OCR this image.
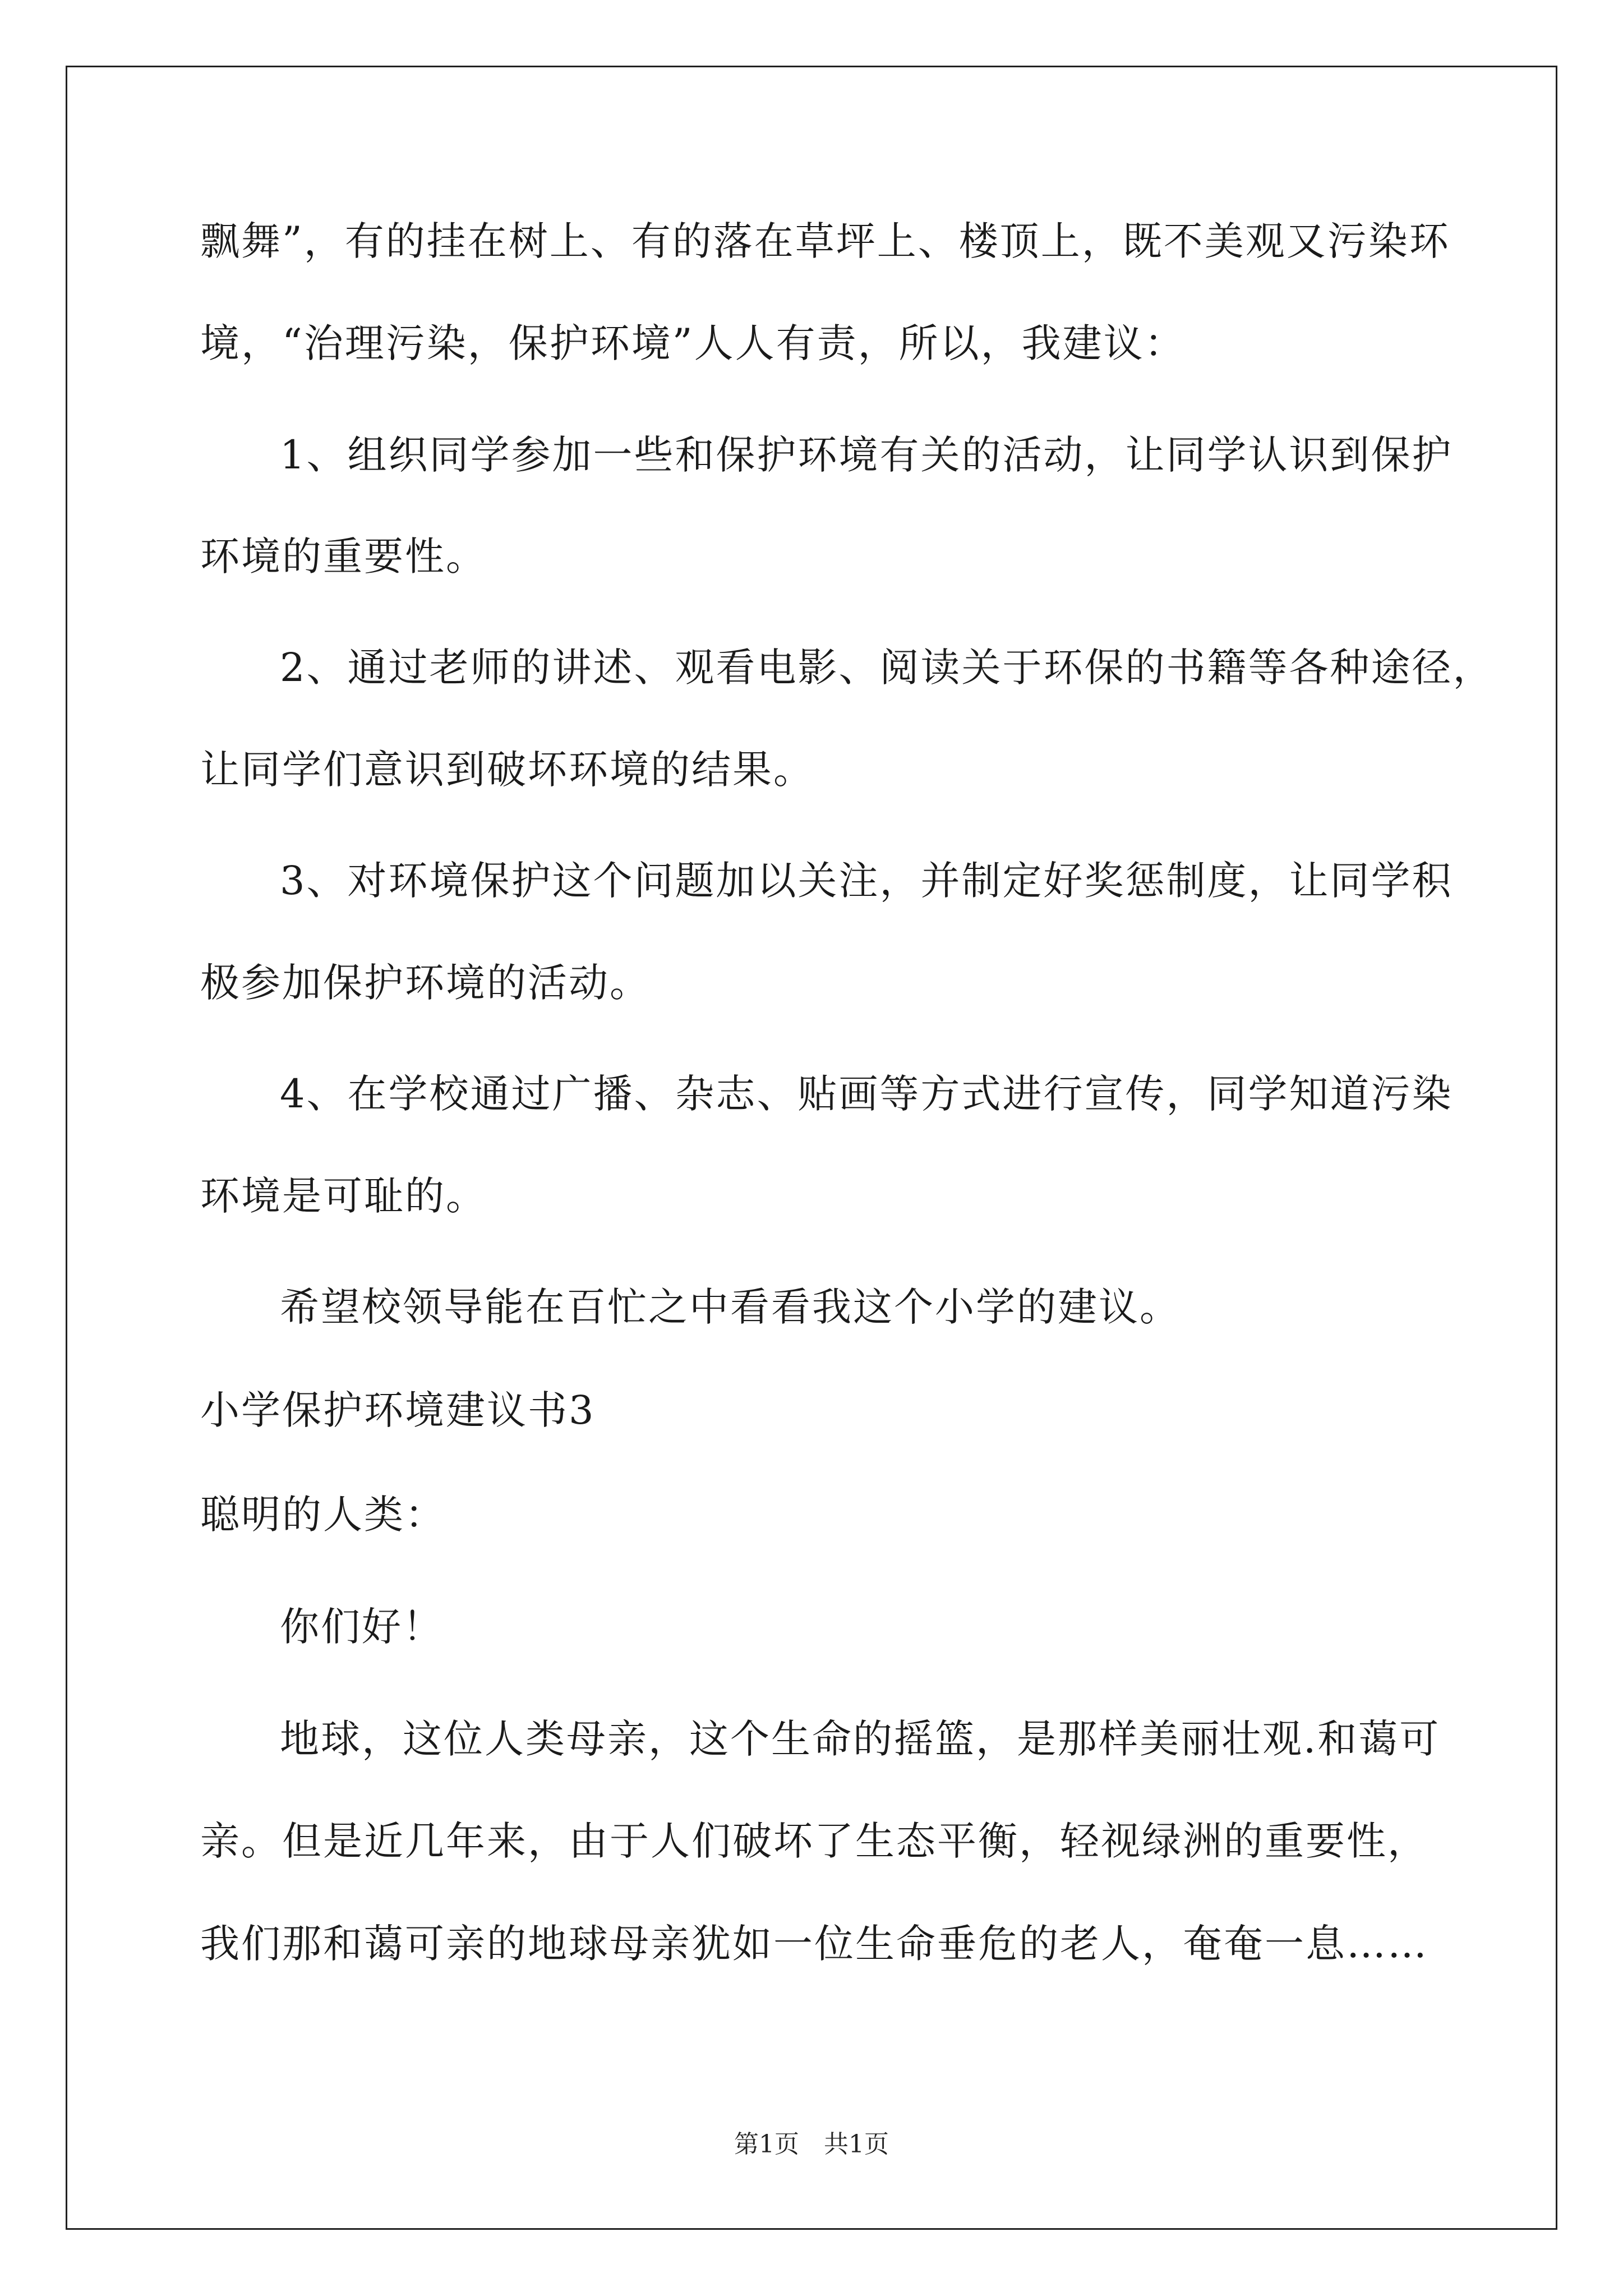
飘舞”，有的挂在树上、有的落在草坪上、楼顶上，既不美观又污染环
境，“治理污染，保护环境”人人有责，所以，我建议：
1、组织同学参加一些和保护环境有关的活动，让同学认识到保护
环境的重要性。
2、通过老师的讲述、观看电影、阅读关于环保的书籍等各种途径，
让同学们意识到破坏环境的结果。
3、对环境保护这个问题加以关注，并制定好奖惩制度，让同学积
极参加保护环境的活动。
4、在学校通过广播、杂志、贴画等方式进行宣传，同学知道污染
环境是可耻的。
希望校领导能在百忙之中看看我这个小学的建议。
小学保护环境建议书3
聪明的人类：
你们好！
地球，这位人类母亲，这个生命的摇篮，是那样美丽壮观.和蔼可
亲。但是近几年来，由于人们破坏了生态平衡，轻视绿洲的重要性，
我们那和蔼可亲的地球母亲犹如一位生命垂危的老人，奄奄一息……
第1页　共1页
